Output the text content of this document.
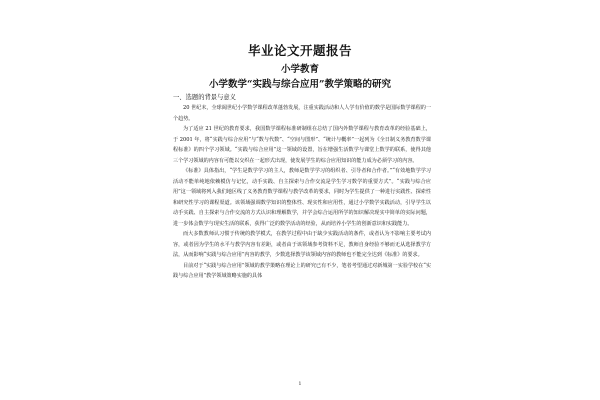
毕业论文开题报告
小学教育
小学数学“实践与综合应用”教学策略的研究
一、选题的背景与意义

20 世纪末，全球阔世纪小学数学课程改革蓬勃发展，注重实践活动和人人学有价值的数学是国际数学课程的一个趋势。

为了适应 21 世纪的教育要求，我国数学课程标准研制组在总结了国内外数学课程与教育改革的经验基础上，于 2001 年，将“实践与综合应用”与“数与代数”、“空间与图形”、“统计与概率”一起列为《全日制义务教育数学课程标准》的四个学习领域。“实践与综合应用”这一领域的设置，旨在增强生活数学与课堂上数学的联系，使得其他三个学习领域的内容有可能以交织在一起形式出现，使发展学生的综合应用知识的能力成为必须学习的内容。

《标准》具体指出，“学生是数学学习的主人，教师是数学学习的组织者、引导者和合作者。”“有效地数学学习活动不能单纯地依赖模仿与记忆，动手实践、自主探索与合作交流是学生学习数学的重要方式”。“实践与综合应用”这一领域将列入我们地区线了义务教育数学课程与教学改革的要求，同时为学生提供了一种进行实践性、探索性和研究性学习的课程渠道。该领域强调数学知识的整体性、现实性和应用性，通过小学数学实践活动，引导学生以动手实践、自主探索与合作交流的方式认识和理解数学，并学会综合运用所学的知识解决现实中简单的实际问题，进一步体会数学与现实生活的联系，获得广泛的数学活动的经验，从而培养小学生的创新意识和实践能力。

而大多数教师认习惯于传统的教学模式，在教学过程中由于缺少实践活动的条件，或者认为不影响主要考试内容，或者因为学生的水平与教学内容有差距，或者由于该领域参考资料不足，教师自身经验不够而无从选择教学方法，从而影响“实践与综合应用”内容的教学，少数选择教学该领域内容的教师也不能完全达到《标准》的要求。

目前对于“实践与综合应用”领域的教学策略在理论上的研究已有不少，笔者考望通过对新城第一实验学校在“实践与综合应用”教学领域策略实施的具体

1
